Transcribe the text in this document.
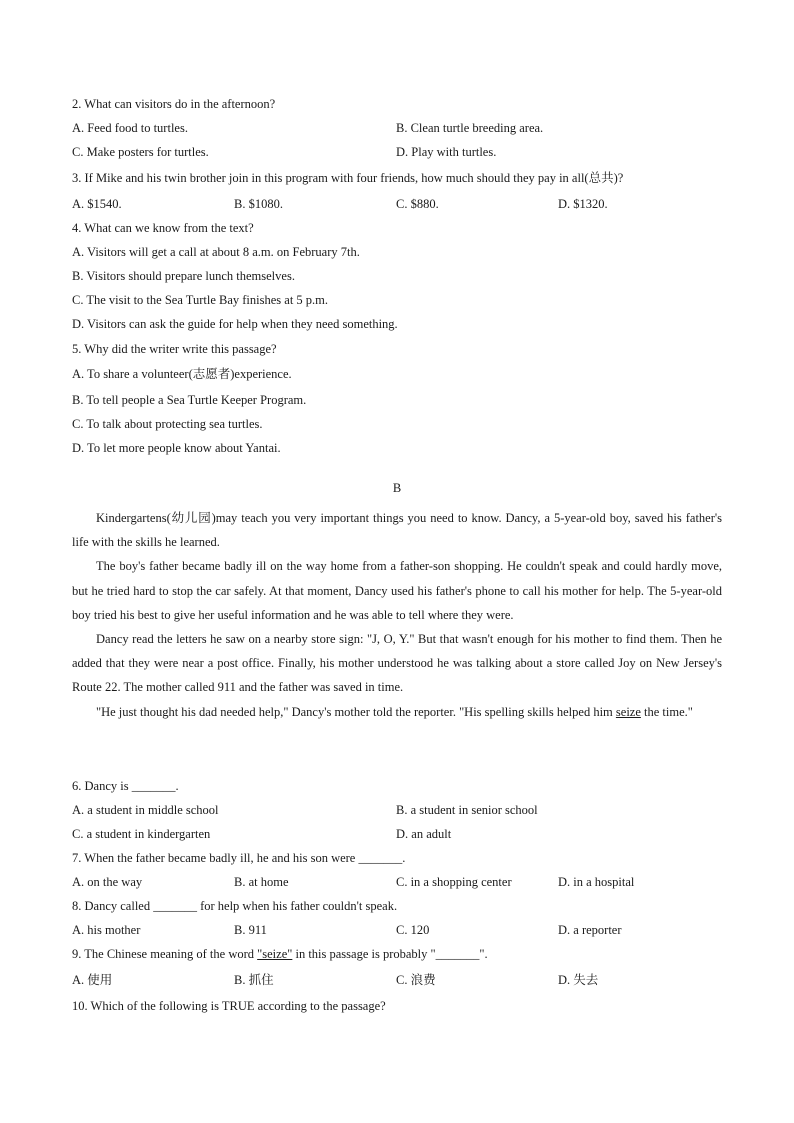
2. What can visitors do in the afternoon?
A. Feed food to turtles.	B. Clean turtle breeding area.
C. Make posters for turtles.	D. Play with turtles.
3. If Mike and his twin brother join in this program with four friends, how much should they pay in all(总共)?
A. $1540.	B. $1080.	C. $880.	D. $1320.
4. What can we know from the text?
A. Visitors will get a call at about 8 a.m. on February 7th.
B. Visitors should prepare lunch themselves.
C. The visit to the Sea Turtle Bay finishes at 5 p.m.
D. Visitors can ask the guide for help when they need something.
5. Why did the writer write this passage?
A. To share a volunteer(志愿者)experience.
B. To tell people a Sea Turtle Keeper Program.
C. To talk about protecting sea turtles.
D. To let more people know about Yantai.
B

Kindergartens(幼儿园)may teach you very important things you need to know. Dancy, a 5-year-old boy, saved his father's life with the skills he learned.

The boy's father became badly ill on the way home from a father-son shopping. He couldn't speak and could hardly move, but he tried hard to stop the car safely. At that moment, Dancy used his father's phone to call his mother for help. The 5-year-old boy tried his best to give her useful information and he was able to tell where they were.

Dancy read the letters he saw on a nearby store sign: "J, O, Y." But that wasn't enough for his mother to find them. Then he added that they were near a post office. Finally, his mother understood he was talking about a store called Joy on New Jersey's Route 22. The mother called 911 and the father was saved in time.

"He just thought his dad needed help," Dancy's mother told the reporter. "His spelling skills helped him seize the time."

6. Dancy is _______.
A. a student in middle school	B. a student in senior school
C. a student in kindergarten	D. an adult
7. When the father became badly ill, he and his son were _______.
A. on the way	B. at home	C. in a shopping center	D. in a hospital
8. Dancy called _______ for help when his father couldn't speak.
A. his mother	B. 911	C. 120	D. a reporter
9. The Chinese meaning of the word "seize" in this passage is probably "_______".
A. 使用	B. 抓住	C. 浪费	D. 失去
10. Which of the following is TRUE according to the passage?
